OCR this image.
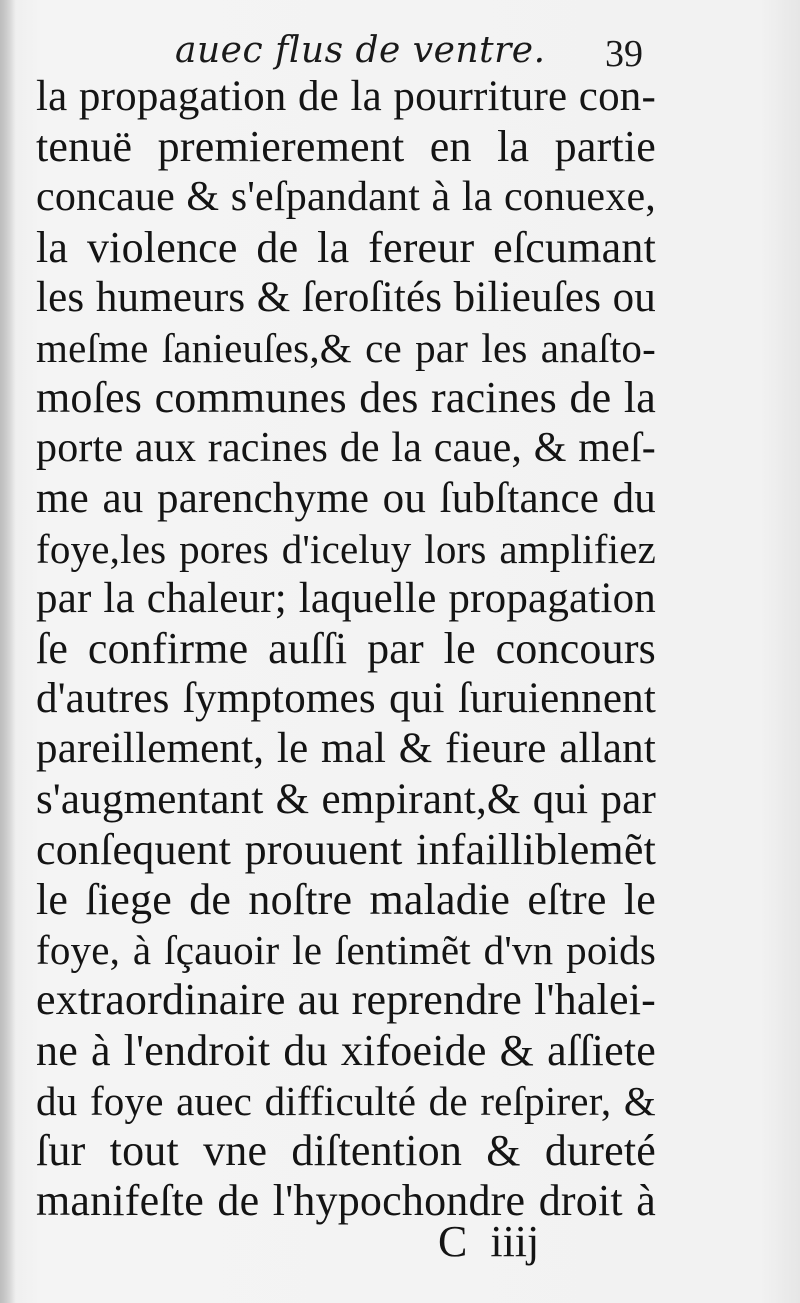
auec flus de ventre. 39
la propagation de la pourriture con-
tenuë premierement en la partie
concaue & s'eſpandant à la conuexe,
la violence de la fereur eſcumant
les humeurs & ſeroſités bilieuſes ou
meſme ſanieuſes,& ce par les anaſto-
moſes communes des racines de la
porte aux racines de la caue, & meſ-
me au parenchyme ou ſubſtance du
foye,les pores d'iceluy lors amplifiez
par la chaleur; laquelle propagation
ſe confirme auſſi par le concours
d'autres ſymptomes qui ſuruiennent
pareillement, le mal & fieure allant
s'augmentant & empirant,& qui par
conſequent prouuent infailliblemẽt
le ſiege de noſtre maladie eſtre le
foye, à ſçauoir le ſentimẽt d'vn poids
extraordinaire au reprendre l'halei-
ne à l'endroit du xifoeide & aſſiete
du foye auec difficulté de reſpirer, &
ſur tout vne diſtention & dureté
manifeſte de l'hypochondre droit à
C iiij
